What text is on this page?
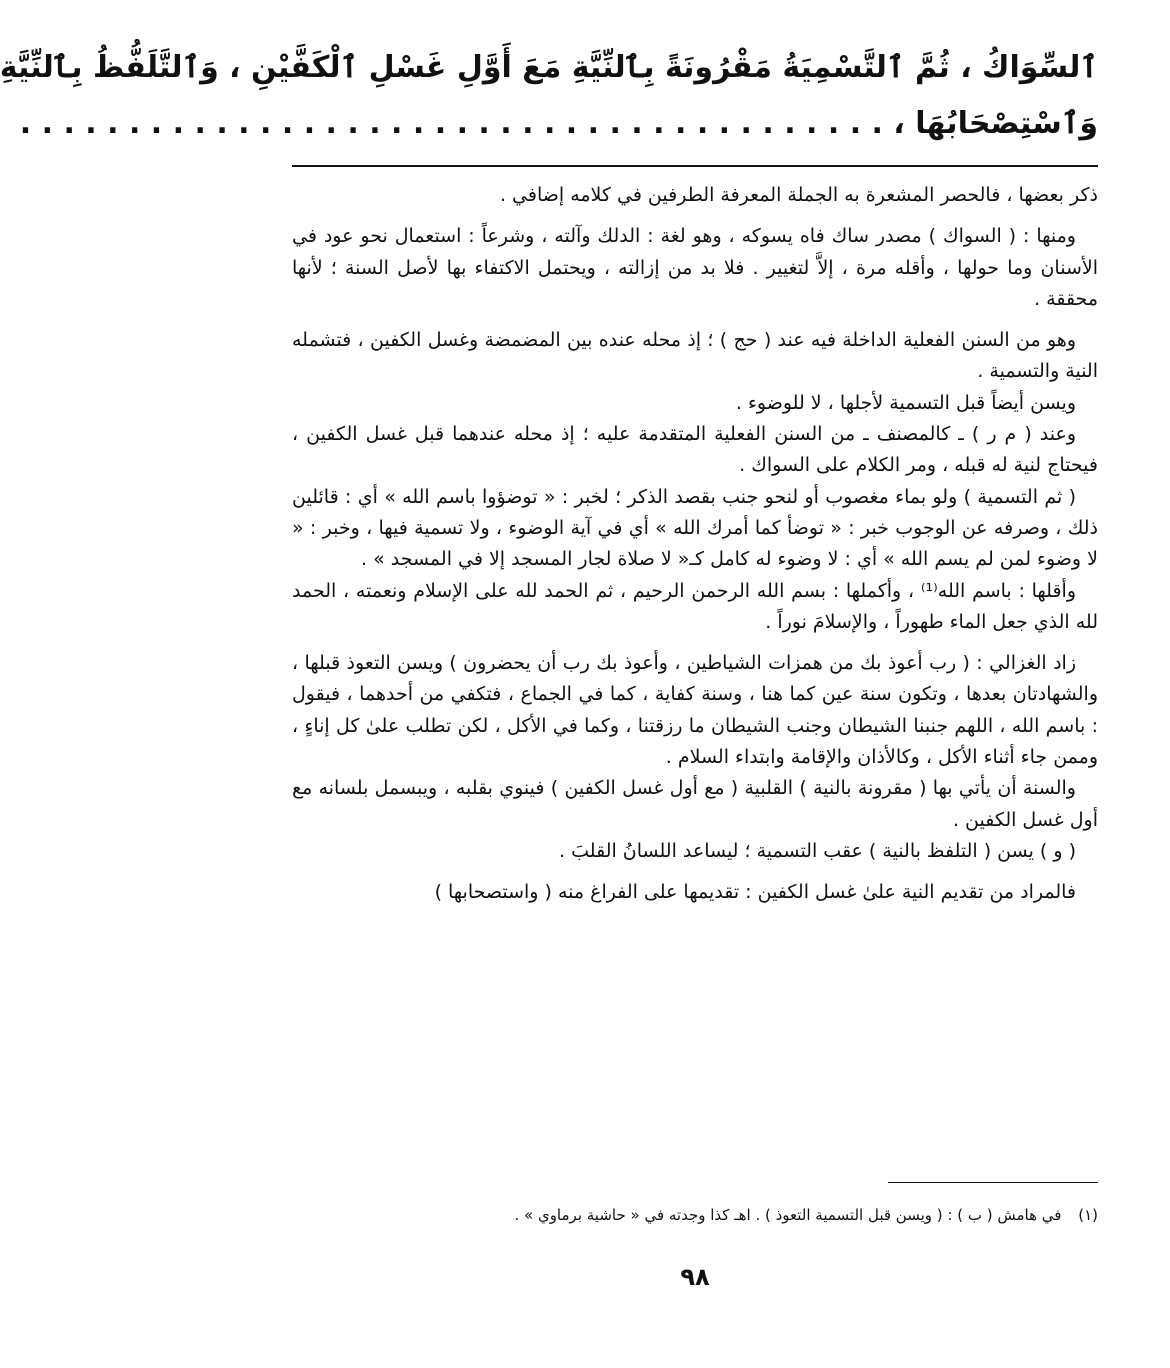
ٱلسِّوَاكُ ، ثُمَّ ٱلتَّسْمِيَةُ مَقْرُونَةً بِٱلنِّيَّةِ مَعَ أَوَّلِ غَسْلِ ٱلْكَفَّيْنِ ، وَٱلتَّلَفُّظُ بِٱلنِّيَّةِ
وَٱسْتِصْحَابُهَا ، . . . . . . . . . . . . . . . . . . . . . . . . . . . . . . . . . . . . . . . .

ذكر بعضها ، فالحصر المشعرة به الجملة المعرفة الطرفين في كلامه إضافي .

ومنها : ( السواك ) مصدر ساك فاه يسوكه ، وهو لغة : الدلك وآلته ، وشرعاً : استعمال نحو عود في الأسنان وما حولها ، وأقله مرة ، إلاَّ لتغيير . فلا بد من إزالته ، ويحتمل الاكتفاء بها لأصل السنة ؛ لأنها محققة .

وهو من السنن الفعلية الداخلة فيه عند ( حج ) ؛ إذ محله عنده بين المضمضة وغسل الكفين ، فتشمله النية والتسمية .

ويسن أيضاً قبل التسمية لأجلها ، لا للوضوء .

وعند ( م ر ) ـ كالمصنف ـ من السنن الفعلية المتقدمة عليه ؛ إذ محله عندهما قبل غسل الكفين ، فيحتاج لنية له قبله ، ومر الكلام على السواك .

( ثم التسمية ) ولو بماء مغصوب أو لنحو جنب بقصد الذكر ؛ لخبر : « توضؤوا باسم الله » أي : قائلين ذلك ، وصرفه عن الوجوب خبر : « توضأ كما أمرك الله » أي في آية الوضوء ، ولا تسمية فيها ، وخبر : « لا وضوء لمن لم يسم الله » أي : لا وضوء له كامل كـ« لا صلاة لجار المسجد إلا في المسجد » .

وأقلها : باسم الله⁽¹⁾ ، وأكملها : بسم الله الرحمن الرحيم ، ثم الحمد لله على الإسلام ونعمته ، الحمد لله الذي جعل الماء طهوراً ، والإسلامَ نوراً .

زاد الغزالي : ( رب أعوذ بك من همزات الشياطين ، وأعوذ بك رب أن يحضرون ) ويسن التعوذ قبلها ، والشهادتان بعدها ، وتكون سنة عين كما هنا ، وسنة كفاية ، كما في الجماع ، فتكفي من أحدهما ، فيقول : باسم الله ، اللهم جنبنا الشيطان وجنب الشيطان ما رزقتنا ، وكما في الأكل ، لكن تطلب علىٰ كل إناءٍ ، وممن جاء أثناء الأكل ، وكالأذان والإقامة وابتداء السلام .

والسنة أن يأتي بها ( مقرونة بالنية ) القلبية ( مع أول غسل الكفين ) فينوي بقلبه ، ويبسمل بلسانه مع أول غسل الكفين .

( و ) يسن ( التلفظ بالنية ) عقب التسمية ؛ ليساعد اللسانُ القلبَ .

فالمراد من تقديم النية علىٰ غسل الكفين : تقديمها على الفراغ منه ( واستصحابها )

(١) في هامش ( ب ) : ( ويسن قبل التسمية التعوذ ) . اهـ كذا وجدته في « حاشية برماوي » .
٩٨
